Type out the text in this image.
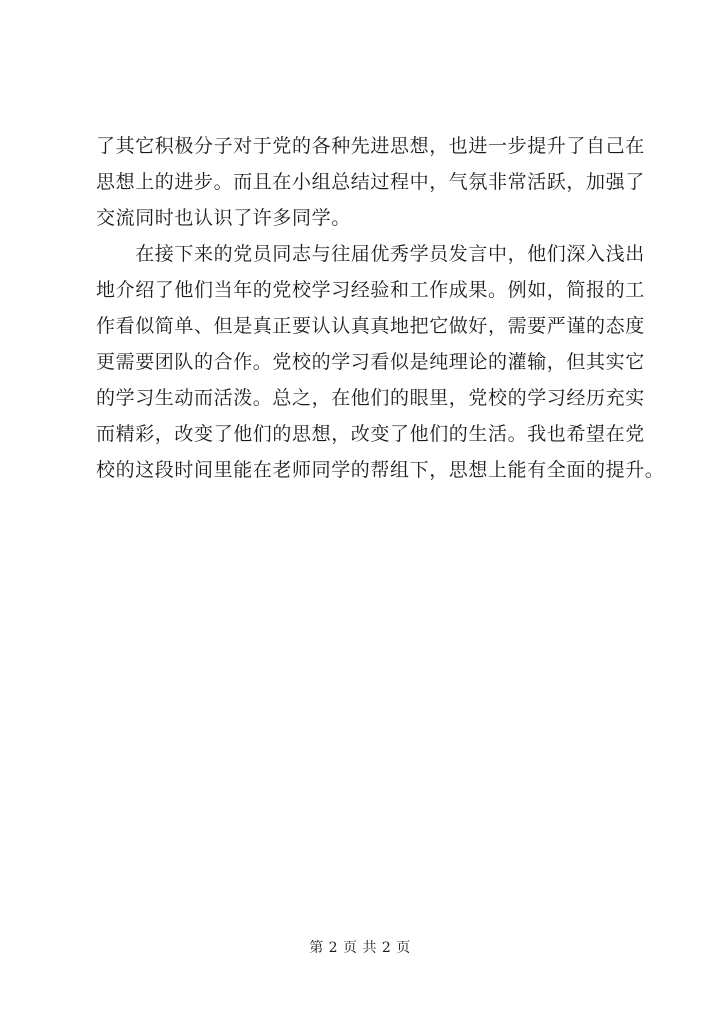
了其它积极分子对于党的各种先进思想，也进一步提升了自己在
思想上的进步。而且在小组总结过程中，气氛非常活跃，加强了
交流同时也认识了许多同学。
　　在接下来的党员同志与往届优秀学员发言中，他们深入浅出
地介绍了他们当年的党校学习经验和工作成果。例如，简报的工
作看似简单、但是真正要认认真真地把它做好，需要严谨的态度
更需要团队的合作。党校的学习看似是纯理论的灌输，但其实它
的学习生动而活泼。总之，在他们的眼里，党校的学习经历充实
而精彩，改变了他们的思想，改变了他们的生活。我也希望在党
校的这段时间里能在老师同学的帮组下，思想上能有全面的提升。
第 2 页 共 2 页
